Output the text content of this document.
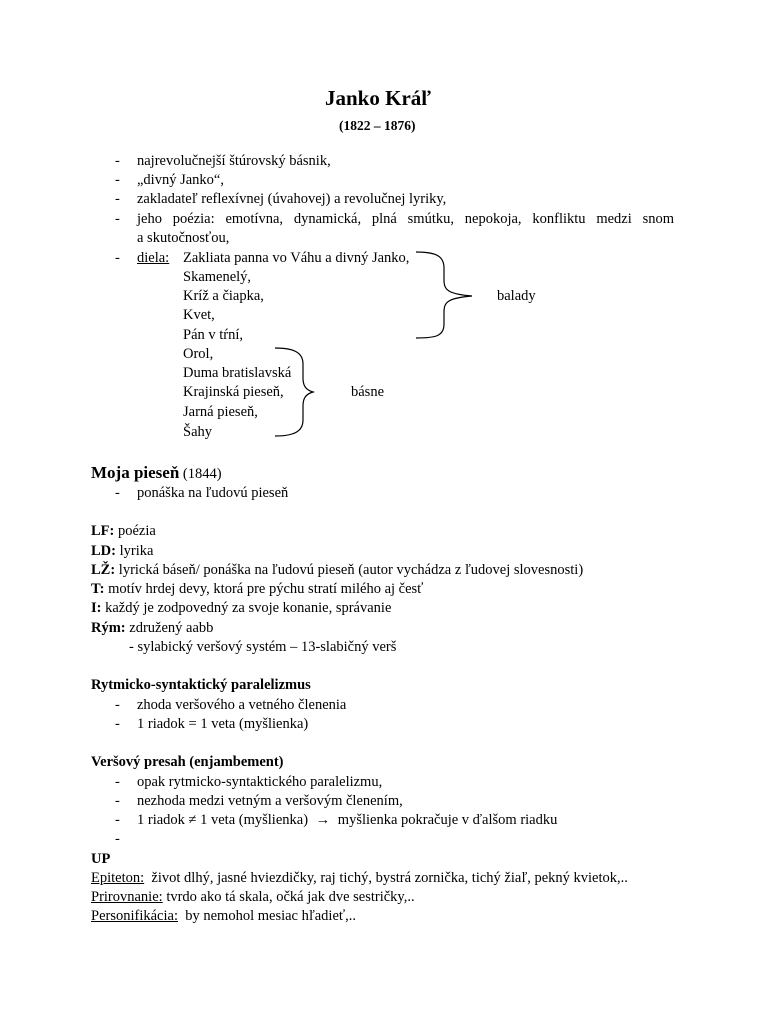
Janko Kráľ
(1822 – 1876)
- najrevolučnejší štúrovský básnik,
- „divný Janko“,
- zakladateľ reflexívnej (úvahovej) a revolučnej lyriky,
- jeho poézia: emotívna, dynamická, plná smútku, nepokoja, konfliktu medzi snom
a skutočnosťou,
- diela: Zakliata panna vo Váhu a divný Janko,
Skamenelý,
Kríž a čiapka,
Kvet,
Pán v tŕní,
Orol,
Duma bratislavská
Krajinská pieseň,
Jarná pieseň,
Šahy
balady
básne
Moja pieseň (1844)
- ponáška na ľudovú pieseň
LF: poézia
LD: lyrika
LŽ: lyrická báseň/ ponáška na ľudovú pieseň (autor vychádza z ľudovej slovesnosti)
T: motív hrdej devy, ktorá pre pýchu stratí milého aj česť
I: každý je zodpovedný za svoje konanie, správanie
Rým: združený aabb
- sylabický veršový systém – 13-slabičný verš
Rytmicko-syntaktický paralelizmus
- zhoda veršového a vetného členenia
- 1 riadok = 1 veta (myšlienka)
Veršový presah (enjambement)
- opak rytmicko-syntaktického paralelizmu,
- nezhoda medzi vetným a veršovým členením,
- 1 riadok ≠ 1 veta (myšlienka) → myšlienka pokračuje v ďalšom riadku
-
UP
Epiteton: život dlhý, jasné hviezdičky, raj tichý, bystrá zornička, tichý žiaľ, pekný kvietok,..
Prirovnanie: tvrdo ako tá skala, očká jak dve sestričky,..
Personifikácia: by nemohol mesiac hľadieť,..
